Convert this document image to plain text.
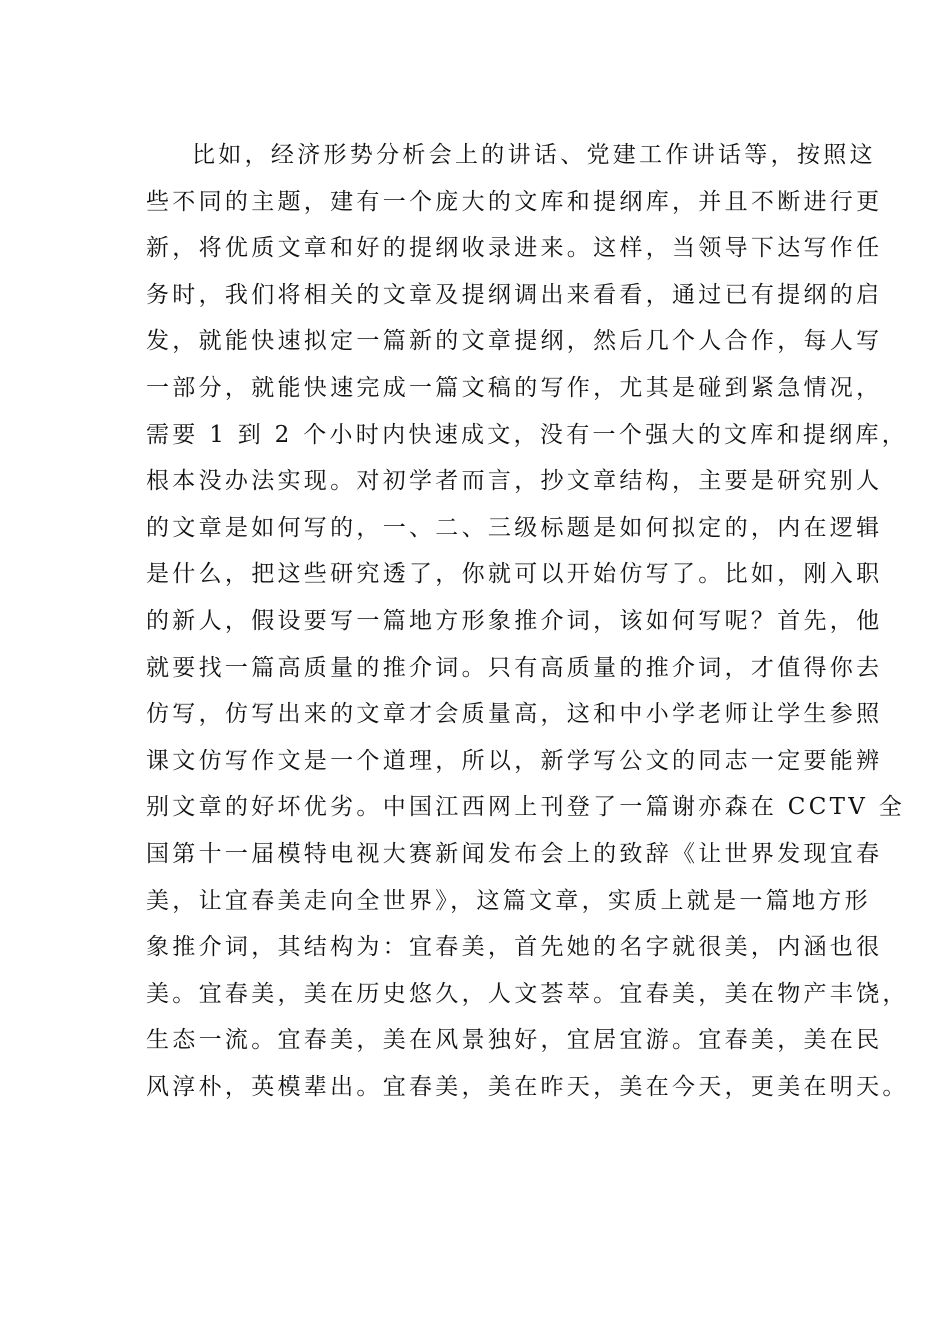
比如，经济形势分析会上的讲话、党建工作讲话等，按照这
些不同的主题，建有一个庞大的文库和提纲库，并且不断进行更
新，将优质文章和好的提纲收录进来。这样，当领导下达写作任
务时，我们将相关的文章及提纲调出来看看，通过已有提纲的启
发，就能快速拟定一篇新的文章提纲，然后几个人合作，每人写
一部分，就能快速完成一篇文稿的写作，尤其是碰到紧急情况，
需要 1 到 2 个小时内快速成文，没有一个强大的文库和提纲库，
根本没办法实现。对初学者而言，抄文章结构，主要是研究别人
的文章是如何写的，一、二、三级标题是如何拟定的，内在逻辑
是什么，把这些研究透了，你就可以开始仿写了。比如，刚入职
的新人，假设要写一篇地方形象推介词，该如何写呢？首先，他
就要找一篇高质量的推介词。只有高质量的推介词，才值得你去
仿写，仿写出来的文章才会质量高，这和中小学老师让学生参照
课文仿写作文是一个道理，所以，新学写公文的同志一定要能辨
别文章的好坏优劣。中国江西网上刊登了一篇谢亦森在 CCTV 全
国第十一届模特电视大赛新闻发布会上的致辞《让世界发现宜春
美，让宜春美走向全世界》，这篇文章，实质上就是一篇地方形
象推介词，其结构为：宜春美，首先她的名字就很美，内涵也很
美。宜春美，美在历史悠久，人文荟萃。宜春美，美在物产丰饶，
生态一流。宜春美，美在风景独好，宜居宜游。宜春美，美在民
风淳朴，英模辈出。宜春美，美在昨天，美在今天，更美在明天。
